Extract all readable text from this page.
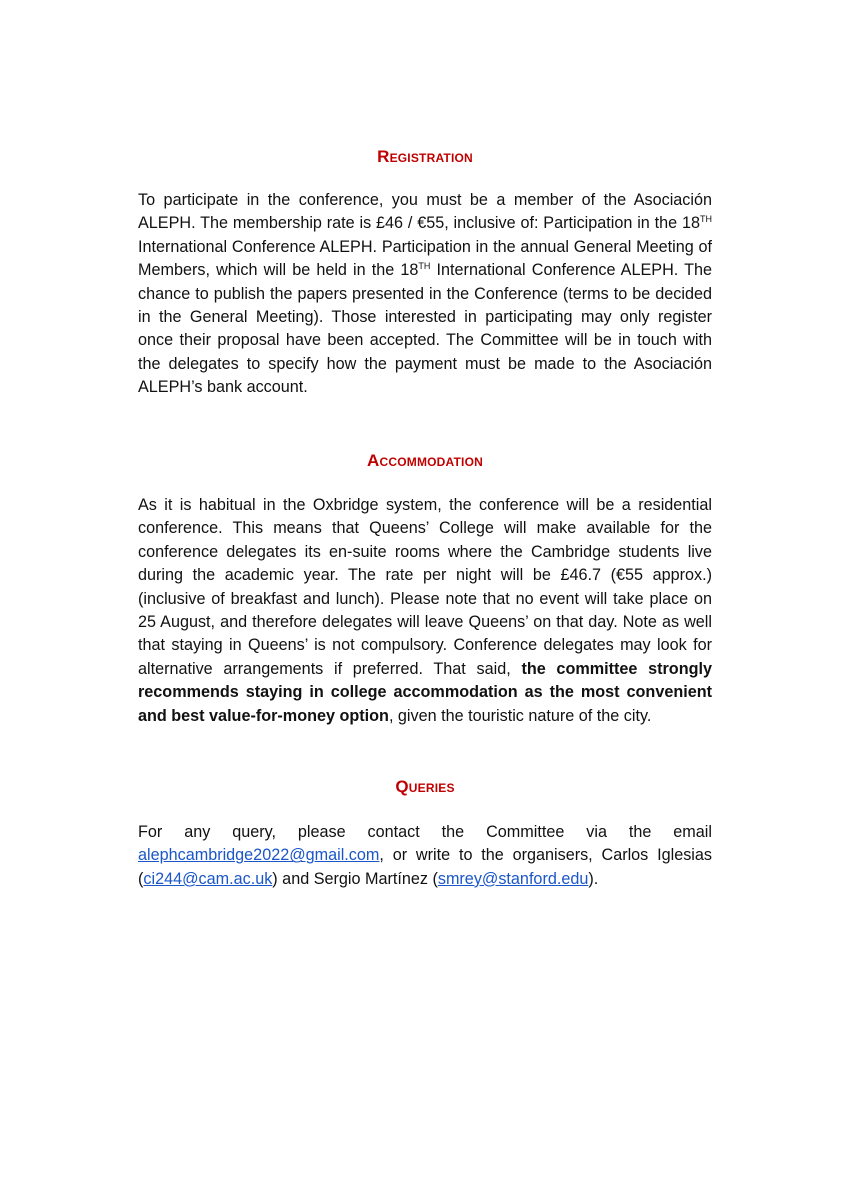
Registration

To participate in the conference, you must be a member of the Asociación ALEPH. The membership rate is £46 / €55, inclusive of: Participation in the 18TH International Conference ALEPH. Participation in the annual General Meeting of Members, which will be held in the 18TH International Conference ALEPH. The chance to publish the papers presented in the Conference (terms to be decided in the General Meeting). Those interested in participating may only register once their proposal have been accepted. The Committee will be in touch with the delegates to specify how the payment must be made to the Asociación ALEPH’s bank account.

Accommodation

As it is habitual in the Oxbridge system, the conference will be a residential conference. This means that Queens’ College will make available for the conference delegates its en-suite rooms where the Cambridge students live during the academic year. The rate per night will be £46.7 (€55 approx.) (inclusive of breakfast and lunch). Please note that no event will take place on 25 August, and therefore delegates will leave Queens’ on that day. Note as well that staying in Queens’ is not compulsory. Conference delegates may look for alternative arrangements if preferred. That said, the committee strongly recommends staying in college accommodation as the most convenient and best value-for-money option, given the touristic nature of the city.

Queries

For any query, please contact the Committee via the email alephcambridge2022@gmail.com, or write to the organisers, Carlos Iglesias (ci244@cam.ac.uk) and Sergio Martínez (smrey@stanford.edu).
